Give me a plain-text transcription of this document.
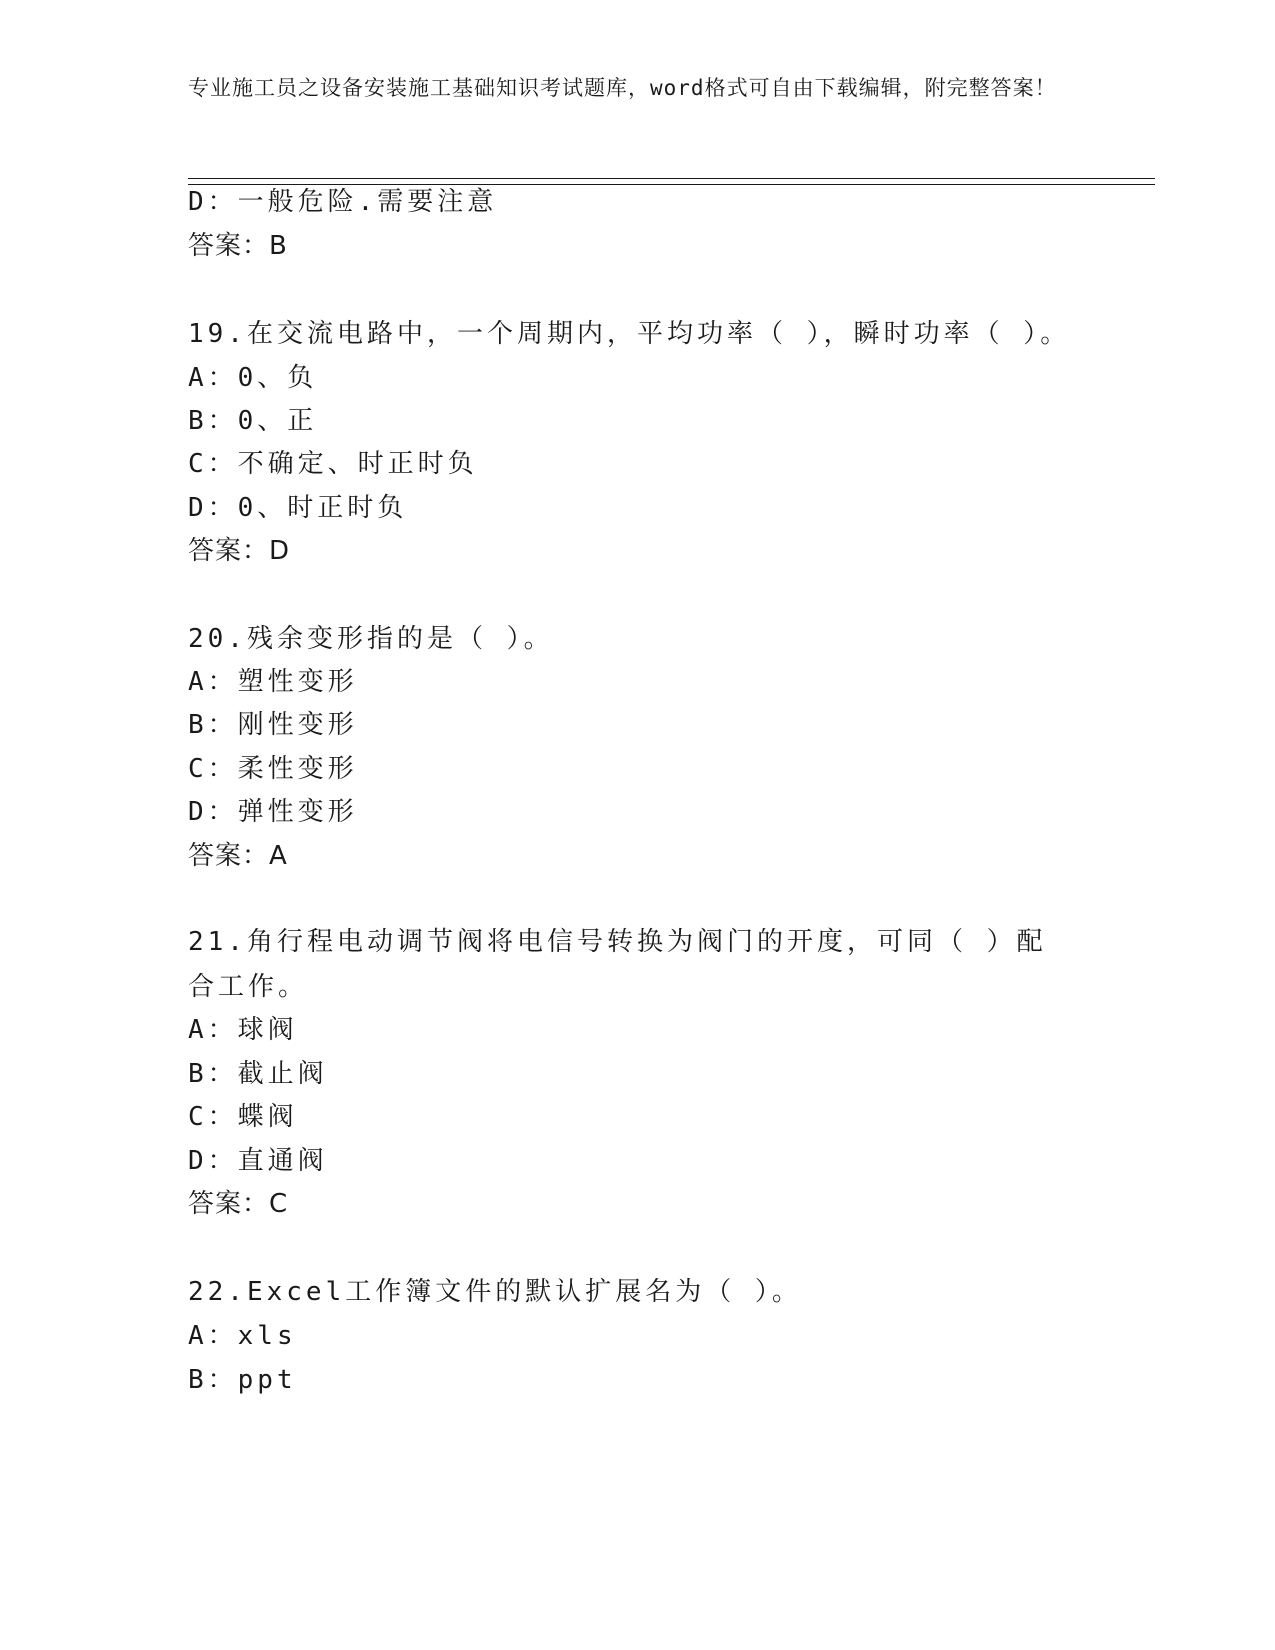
专业施工员之设备安装施工基础知识考试题库，word格式可自由下载编辑，附完整答案！
D：一般危险.需要注意
答案：B
19.在交流电路中，一个周期内，平均功率（ ），瞬时功率（ ）。
A：0、负
B：0、正
C：不确定、时正时负
D：0、时正时负
答案：D
20.残余变形指的是（ ）。
A：塑性变形
B：刚性变形
C：柔性变形
D：弹性变形
答案：A
21.角行程电动调节阀将电信号转换为阀门的开度，可同（ ）配合工作。
A：球阀
B：截止阀
C：蝶阀
D：直通阀
答案：C
22.Excel工作簿文件的默认扩展名为（ ）。
A：xls
B：ppt
